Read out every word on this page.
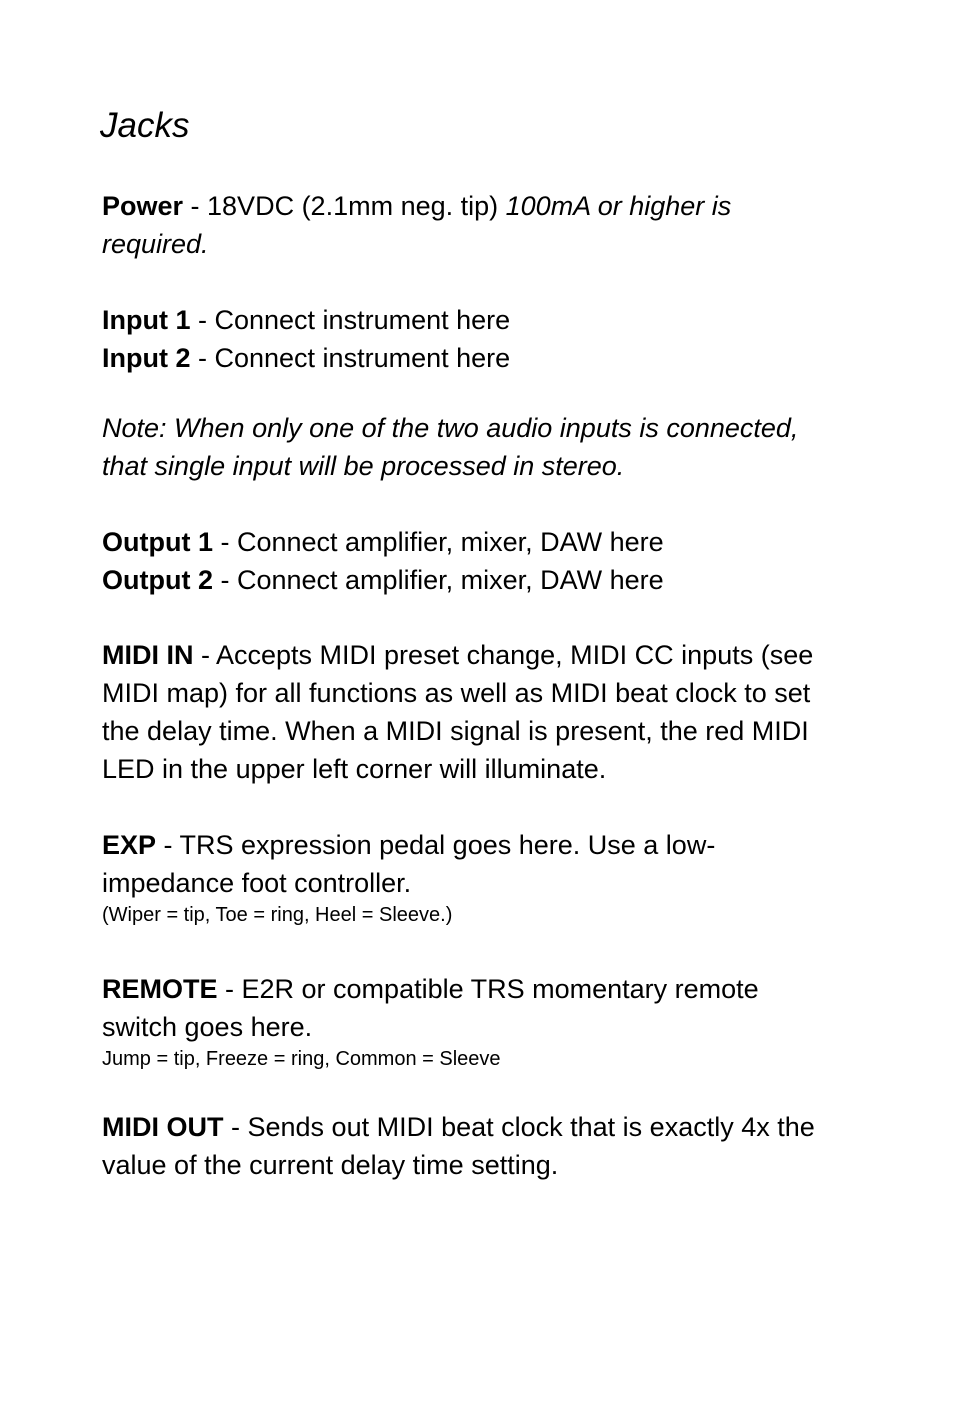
Jacks

Power - 18VDC (2.1mm neg. tip) 100mA or higher is

required.

Input 1 - Connect instrument here

Input 2 - Connect instrument here

Note: When only one of the two audio inputs is connected,

that single input will be processed in stereo.

Output 1 - Connect amplifier, mixer, DAW here

Output 2 - Connect amplifier, mixer, DAW here

MIDI IN - Accepts MIDI preset change, MIDI CC inputs (see

MIDI map) for all functions as well as MIDI beat clock to set

the delay time. When a MIDI signal is present, the red MIDI

LED in the upper left corner will illuminate.

EXP - TRS expression pedal goes here. Use a low-

impedance foot controller.

(Wiper = tip, Toe = ring, Heel = Sleeve.)

REMOTE - E2R or compatible TRS momentary remote

switch goes here.

Jump = tip, Freeze = ring, Common = Sleeve

MIDI OUT - Sends out MIDI beat clock that is exactly 4x the

value of the current delay time setting.
